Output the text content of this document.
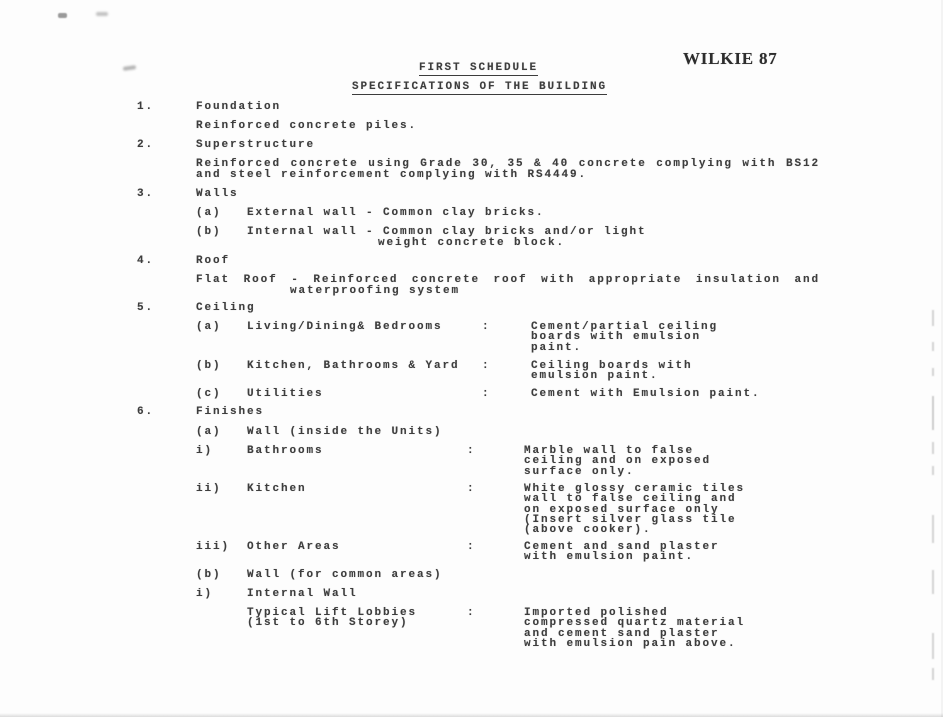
WILKIE 87
FIRST SCHEDULE
SPECIFICATIONS OF THE BUILDING
1.	Foundation
Reinforced concrete piles.
2.	Superstructure
Reinforced concrete using Grade 30, 35 & 40 concrete complying with BS12
and steel reinforcement complying with RS4449.
3.	Walls
(a) External wall - Common clay bricks.
(b) Internal wall - Common clay bricks and/or light
weight concrete block.
4.	Roof
Flat Roof - Reinforced concrete roof with appropriate insulation and
waterproofing system
5.	Ceiling
(a) Living/Dining& Bedrooms	:	Cement/partial ceiling
boards with emulsion
paint.
(b) Kitchen, Bathrooms & Yard :	Ceiling boards with
emulsion paint.
(c) Utilities	:	Cement with Emulsion paint.
6.	Finishes
(a) Wall (inside the Units)
i)	Bathrooms	:	Marble wall to false
ceiling and on exposed
surface only.
ii) Kitchen	:	White glossy ceramic tiles
wall to false ceiling and
on exposed surface only
(Insert silver glass tile
(above cooker).
iii) Other Areas	:	Cement and sand plaster
with emulsion paint.
(b) Wall (for common areas)
i)	Internal Wall
Typical Lift Lobbies
(1st to 6th Storey)
:	Imported polished
compressed quartz material
and cement sand plaster
with emulsion pain above.
